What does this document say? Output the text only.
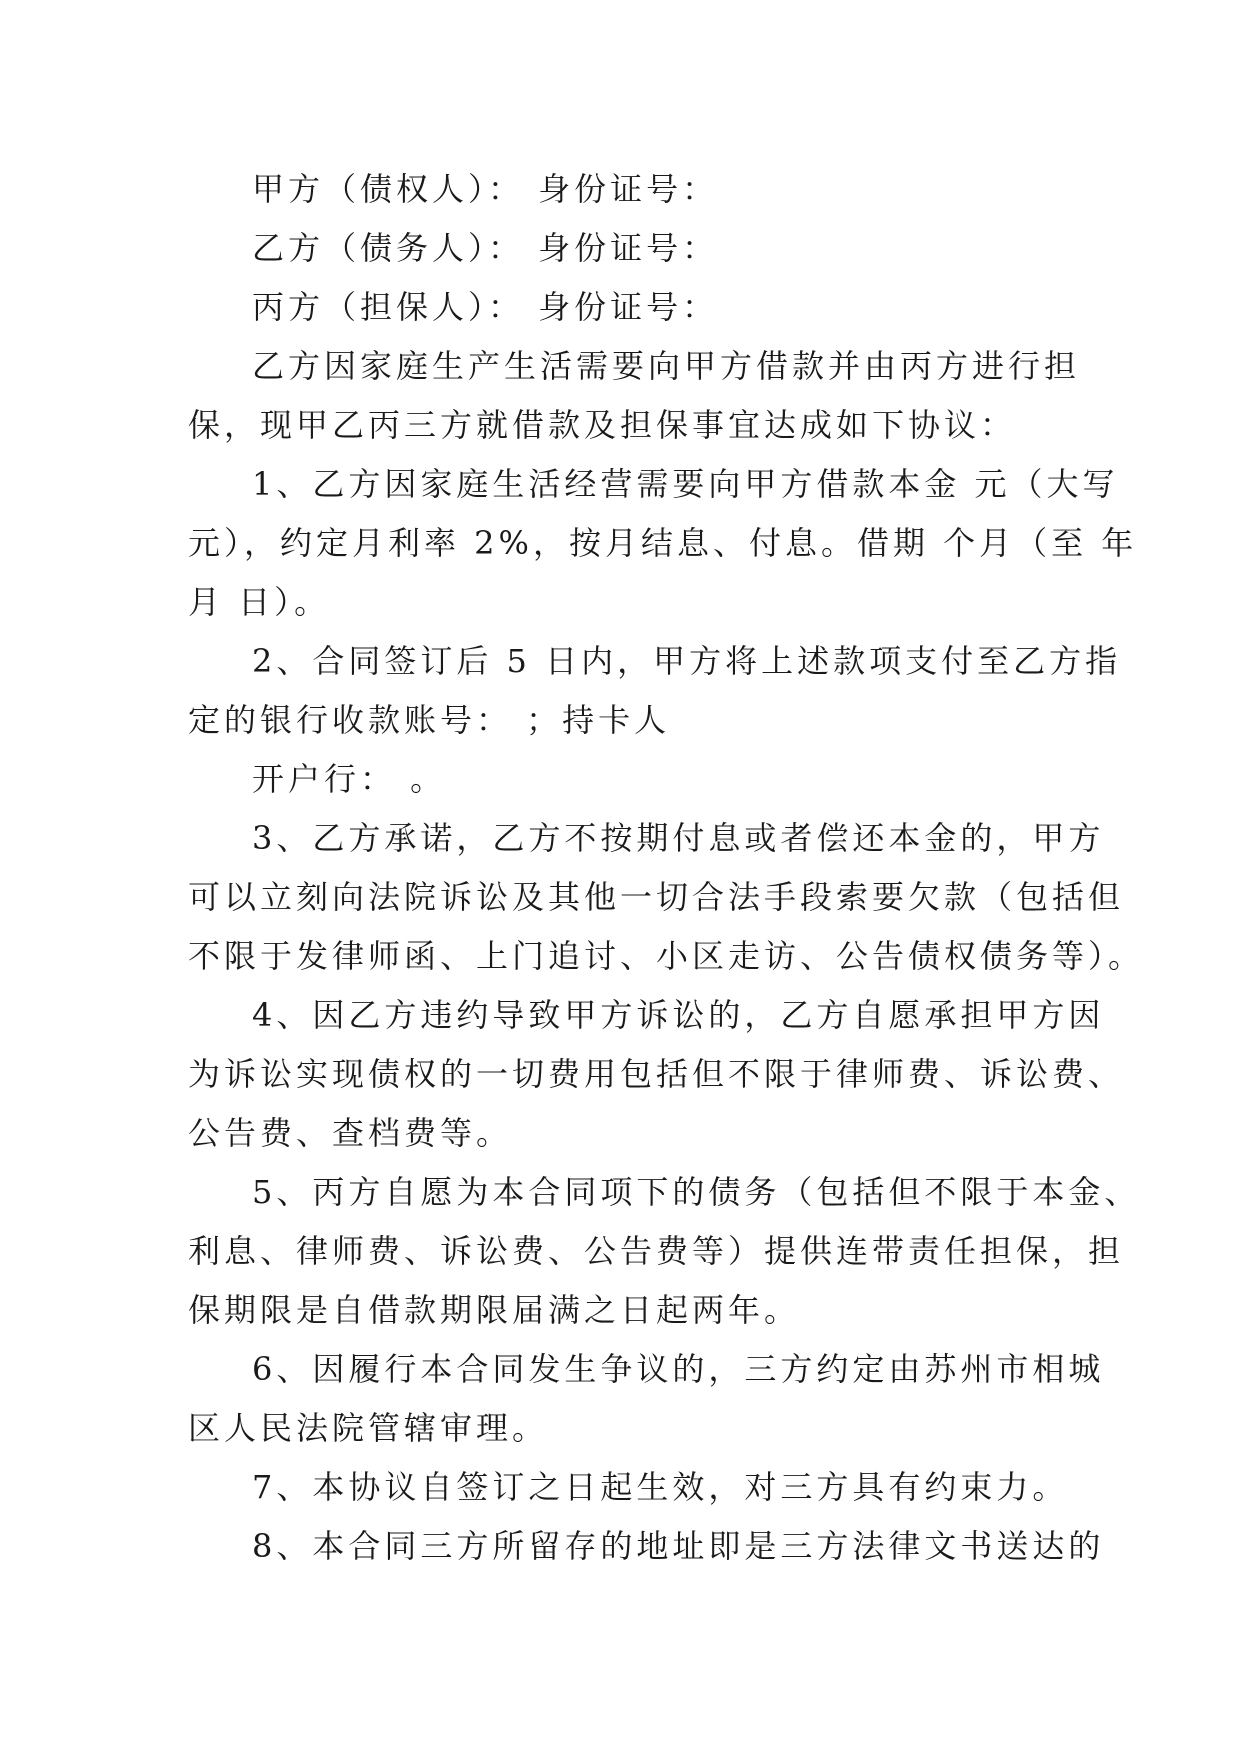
甲方（债权人）： 身份证号：
乙方（债务人）： 身份证号：
丙方（担保人）： 身份证号：
乙方因家庭生产生活需要向甲方借款并由丙方进行担
保，现甲乙丙三方就借款及担保事宜达成如下协议：
1、乙方因家庭生活经营需要向甲方借款本金 元（大写
元），约定月利率 2%，按月结息、付息。借期 个月（至 年
月 日）。
2、合同签订后 5 日内，甲方将上述款项支付至乙方指
定的银行收款账号： ；持卡人
开户行： 。
3、乙方承诺，乙方不按期付息或者偿还本金的，甲方
可以立刻向法院诉讼及其他一切合法手段索要欠款（包括但
不限于发律师函、上门追讨、小区走访、公告债权债务等）。
4、因乙方违约导致甲方诉讼的，乙方自愿承担甲方因
为诉讼实现债权的一切费用包括但不限于律师费、诉讼费、
公告费、查档费等。
5、丙方自愿为本合同项下的债务（包括但不限于本金、
利息、律师费、诉讼费、公告费等）提供连带责任担保，担
保期限是自借款期限届满之日起两年。
6、因履行本合同发生争议的，三方约定由苏州市相城
区人民法院管辖审理。
7、本协议自签订之日起生效，对三方具有约束力。
8、本合同三方所留存的地址即是三方法律文书送达的
